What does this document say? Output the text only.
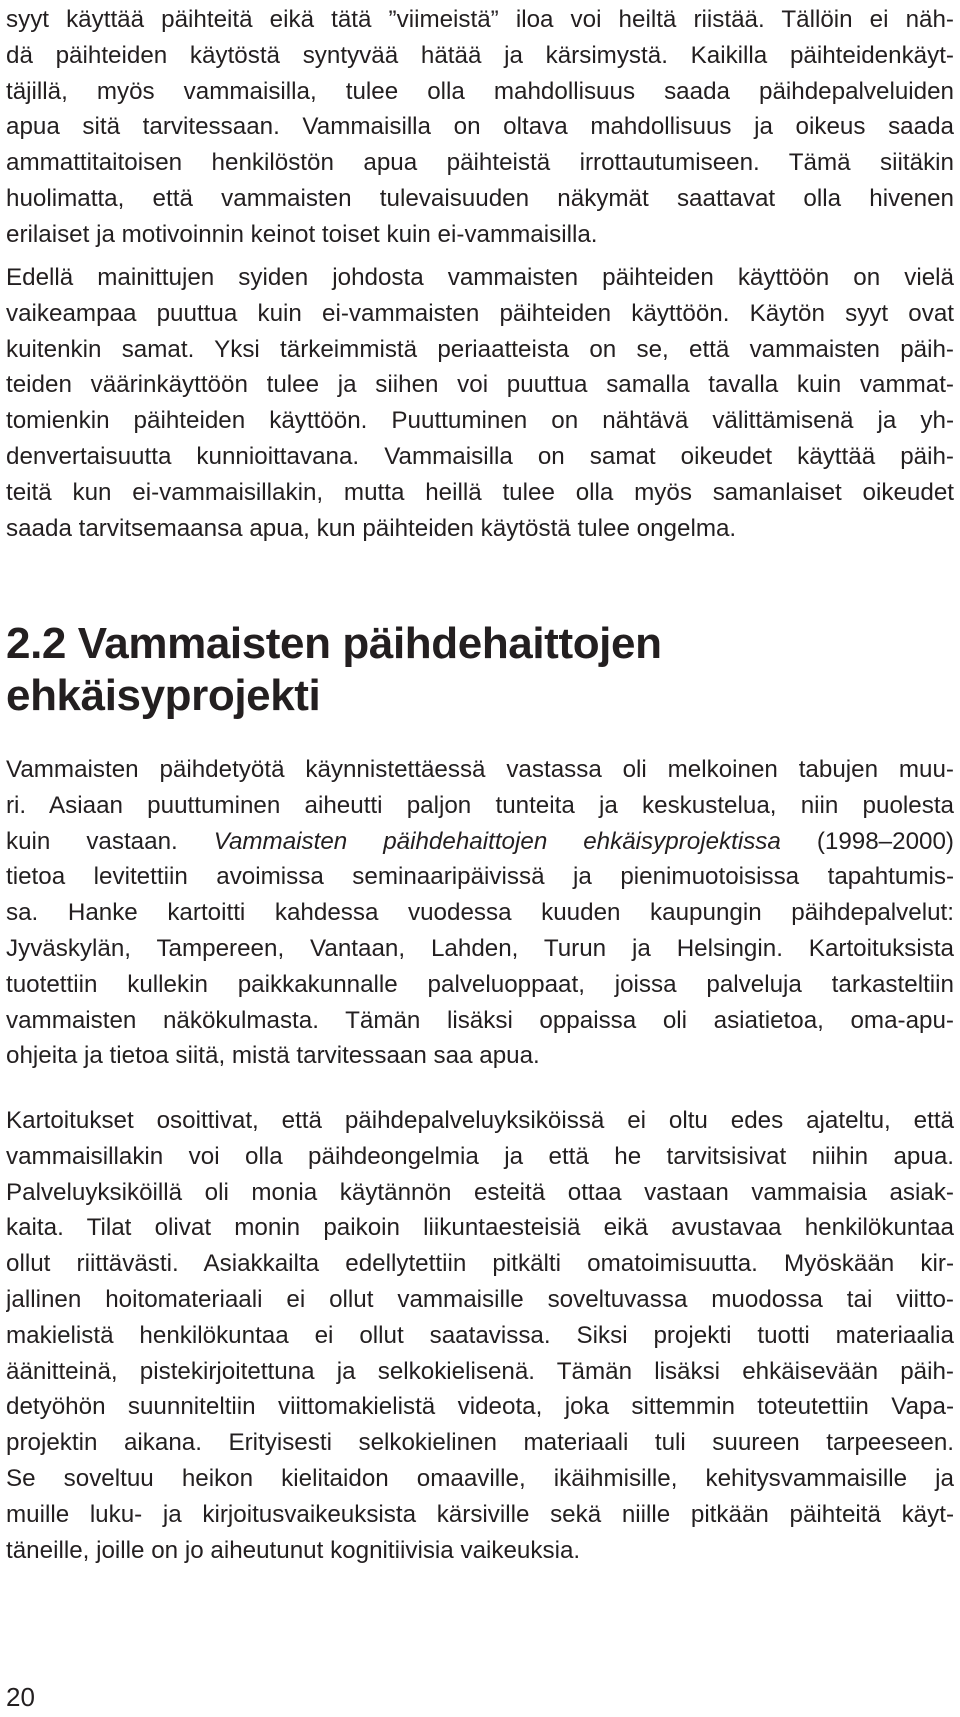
syyt käyttää päihteitä eikä tätä ”viimeistä” iloa voi heiltä riistää. Tällöin ei näh-
dä päihteiden käytöstä syntyvää hätää ja kärsimystä. Kaikilla päihteidenkäyt-
täjillä, myös vammaisilla, tulee olla mahdollisuus saada päihdepalveluiden
apua sitä tarvitessaan. Vammaisilla on oltava mahdollisuus ja oikeus saada
ammattitaitoisen henkilöstön apua päihteistä irrottautumiseen. Tämä siitäkin
huolimatta, että vammaisten tulevaisuuden näkymät saattavat olla hivenen
erilaiset ja motivoinnin keinot toiset kuin ei-vammaisilla.
Edellä mainittujen syiden johdosta vammaisten päihteiden käyttöön on vielä
vaikeampaa puuttua kuin ei-vammaisten päihteiden käyttöön. Käytön syyt ovat
kuitenkin samat. Yksi tärkeimmistä periaatteista on se, että vammaisten päih-
teiden väärinkäyttöön tulee ja siihen voi puuttua samalla tavalla kuin vammat-
tomienkin päihteiden käyttöön. Puuttuminen on nähtävä välittämisenä ja yh-
denvertaisuutta kunnioittavana. Vammaisilla on samat oikeudet käyttää päih-
teitä kun ei-vammaisillakin, mutta heillä tulee olla myös samanlaiset oikeudet
saada tarvitsemaansa apua, kun päihteiden käytöstä tulee ongelma.
2.2 Vammaisten päihdehaittojen
ehkäisyprojekti
Vammaisten päihdetyötä käynnistettäessä vastassa oli melkoinen tabujen muu-
ri. Asiaan puuttuminen aiheutti paljon tunteita ja keskustelua, niin puolesta
kuin vastaan. Vammaisten päihdehaittojen ehkäisyprojektissa (1998–2000)
tietoa levitettiin avoimissa seminaaripäivissä ja pienimuotoisissa tapahtumis-
sa. Hanke kartoitti kahdessa vuodessa kuuden kaupungin päihdepalvelut:
Jyväskylän, Tampereen, Vantaan, Lahden, Turun ja Helsingin. Kartoituksista
tuotettiin kullekin paikkakunnalle palveluoppaat, joissa palveluja tarkasteltiin
vammaisten näkökulmasta. Tämän lisäksi oppaissa oli asiatietoa, oma-apu-
ohjeita ja tietoa siitä, mistä tarvitessaan saa apua.
Kartoitukset osoittivat, että päihdepalveluyksiköissä ei oltu edes ajateltu, että
vammaisillakin voi olla päihdeongelmia ja että he tarvitsisivat niihin apua.
Palveluyksiköillä oli monia käytännön esteitä ottaa vastaan vammaisia asiak-
kaita. Tilat olivat monin paikoin liikuntaesteisiä eikä avustavaa henkilökuntaa
ollut riittävästi. Asiakkailta edellytettiin pitkälti omatoimisuutta. Myöskään kir-
jallinen hoitomateriaali ei ollut vammaisille soveltuvassa muodossa tai viitto-
makielistä henkilökuntaa ei ollut saatavissa. Siksi projekti tuotti materiaalia
äänitteinä, pistekirjoitettuna ja selkokielisenä. Tämän lisäksi ehkäisevään päih-
detyöhön suunniteltiin viittomakielistä videota, joka sittemmin toteutettiin Vapa-
projektin aikana. Erityisesti selkokielinen materiaali tuli suureen tarpeeseen.
Se soveltuu heikon kielitaidon omaaville, ikäihmisille, kehitysvammaisille ja
muille luku- ja kirjoitusvaikeuksista kärsiville sekä niille pitkään päihteitä käyt-
täneille, joille on jo aiheutunut kognitiivisia vaikeuksia.
20
